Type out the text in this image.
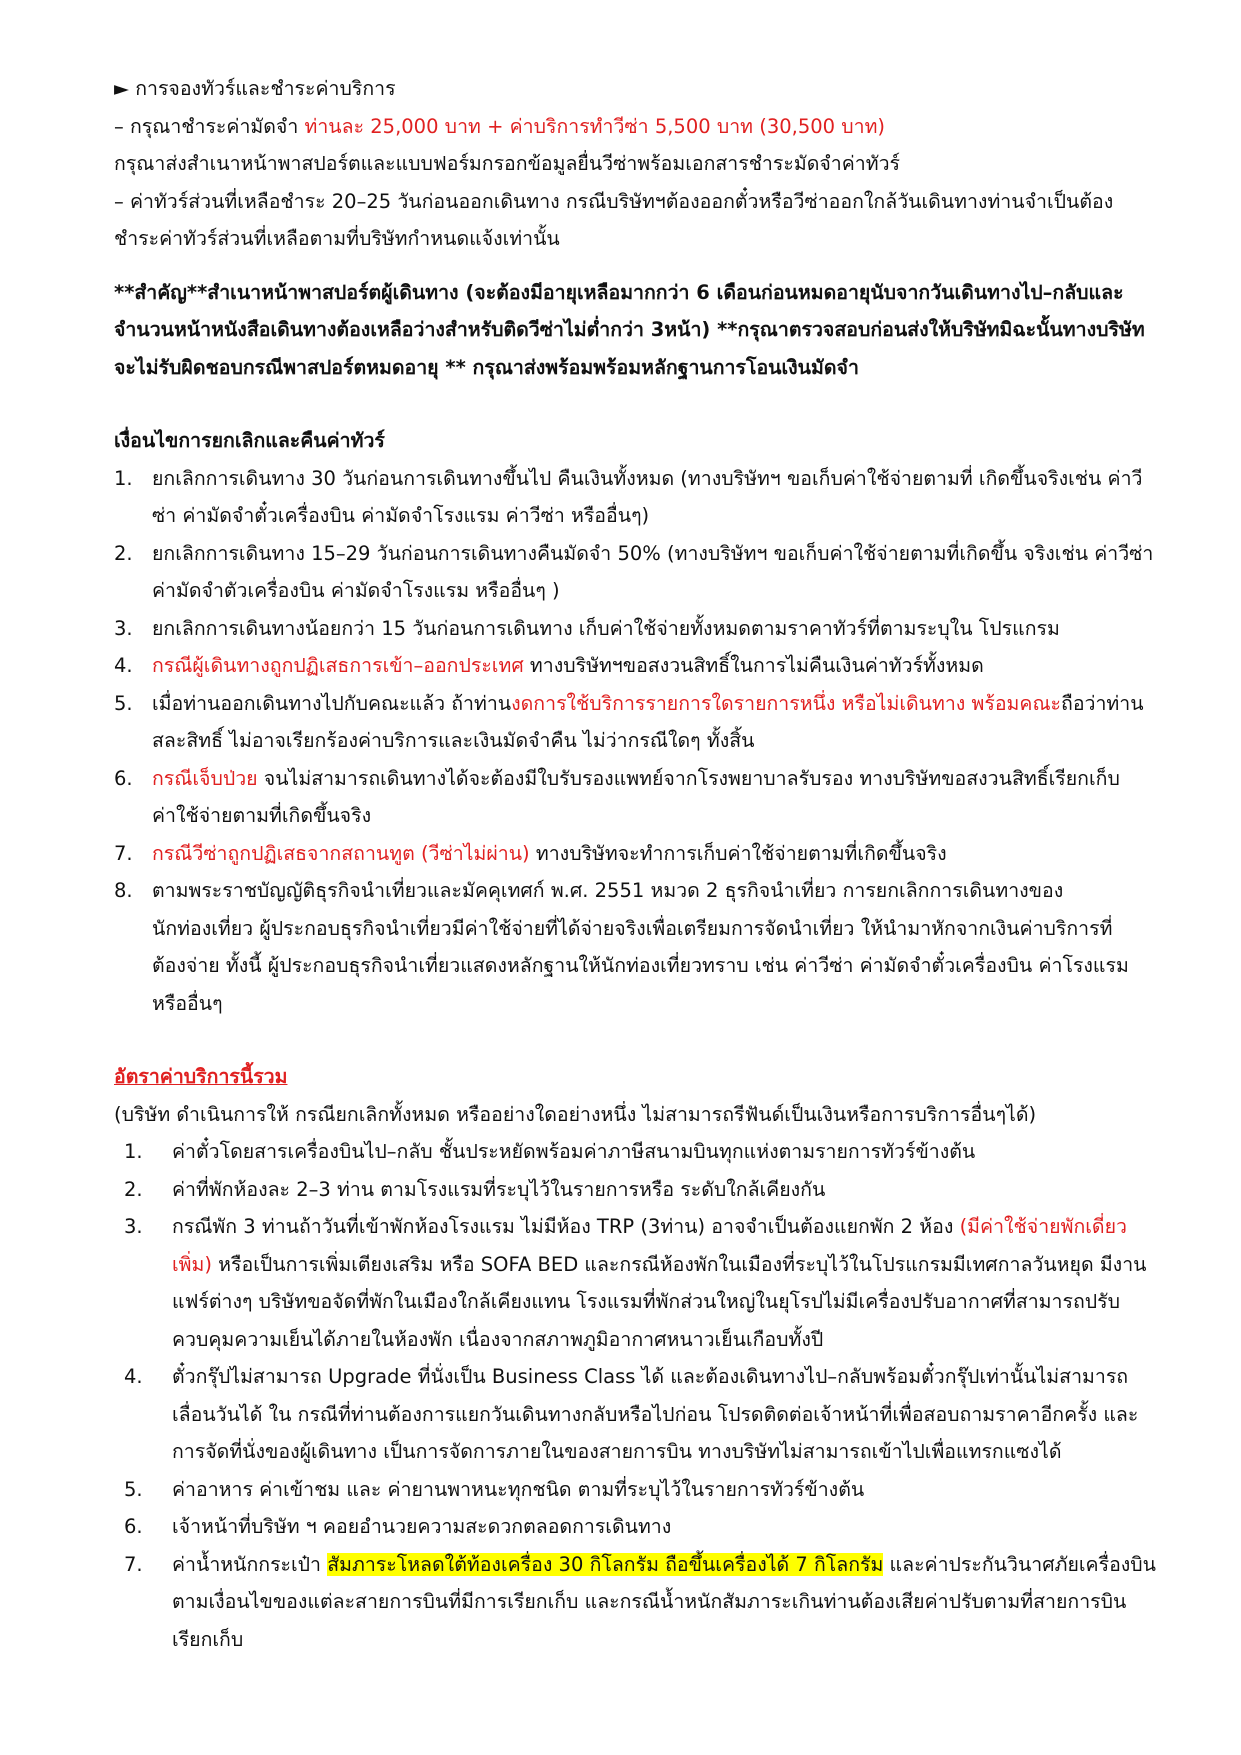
► การจองทัวร์และชำระค่าบริการ
– กรุณาชำระค่ามัดจำ ท่านละ 25,000 บาท + ค่าบริการทำวีซ่า 5,500 บาท (30,500 บาท)
กรุณาส่งสำเนาหน้าพาสปอร์ตและแบบฟอร์มกรอกข้อมูลยื่นวีซ่าพร้อมเอกสารชำระมัดจำค่าทัวร์
– ค่าทัวร์ส่วนที่เหลือชำระ 20–25 วันก่อนออกเดินทาง กรณีบริษัทฯต้องออกตั๋วหรือวีซ่าออกใกล้วันเดินทางท่านจำเป็นต้อง
ชำระค่าทัวร์ส่วนที่เหลือตามที่บริษัทกำหนดแจ้งเท่านั้น
**สำคัญ**สำเนาหน้าพาสปอร์ตผู้เดินทาง (จะต้องมีอายุเหลือมากกว่า 6 เดือนก่อนหมดอายุนับจากวันเดินทางไป–กลับและ
จำนวนหน้าหนังสือเดินทางต้องเหลือว่างสำหรับติดวีซ่าไม่ต่ำกว่า 3หน้า) **กรุณาตรวจสอบก่อนส่งให้บริษัทมิฉะนั้นทางบริษัท
จะไม่รับผิดชอบกรณีพาสปอร์ตหมดอายุ ** กรุณาส่งพร้อมพร้อมหลักฐานการโอนเงินมัดจำ
เงื่อนไขการยกเลิกและคืนค่าทัวร์
1. ยกเลิกการเดินทาง 30 วันก่อนการเดินทางขึ้นไป คืนเงินทั้งหมด (ทางบริษัทฯ ขอเก็บค่าใช้จ่ายตามที่ เกิดขึ้นจริงเช่น ค่าวี
ซ่า ค่ามัดจำตั๋วเครื่องบิน ค่ามัดจำโรงแรม ค่าวีซ่า หรืออื่นๆ)
2. ยกเลิกการเดินทาง 15–29 วันก่อนการเดินทางคืนมัดจำ 50% (ทางบริษัทฯ ขอเก็บค่าใช้จ่ายตามที่เกิดขึ้น จริงเช่น ค่าวีซ่า
ค่ามัดจำตัวเครื่องบิน ค่ามัดจำโรงแรม หรืออื่นๆ )
3. ยกเลิกการเดินทางน้อยกว่า 15 วันก่อนการเดินทาง เก็บค่าใช้จ่ายทั้งหมดตามราคาทัวร์ที่ตามระบุใน โปรแกรม
4. กรณีผู้เดินทางถูกปฏิเสธการเข้า–ออกประเทศ ทางบริษัทฯขอสงวนสิทธิ์ในการไม่คืนเงินค่าทัวร์ทั้งหมด
5. เมื่อท่านออกเดินทางไปกับคณะแล้ว ถ้าท่านงดการใช้บริการรายการใดรายการหนึ่ง หรือไม่เดินทาง พร้อมคณะถือว่าท่าน
สละสิทธิ์ ไม่อาจเรียกร้องค่าบริการและเงินมัดจำคืน ไม่ว่ากรณีใดๆ ทั้งสิ้น
6. กรณีเจ็บป่วย จนไม่สามารถเดินทางได้จะต้องมีใบรับรองแพทย์จากโรงพยาบาลรับรอง ทางบริษัทขอสงวนสิทธิ์เรียกเก็บ
ค่าใช้จ่ายตามที่เกิดขึ้นจริง
7. กรณีวีซ่าถูกปฏิเสธจากสถานทูต (วีซ่าไม่ผ่าน) ทางบริษัทจะทำการเก็บค่าใช้จ่ายตามที่เกิดขึ้นจริง
8. ตามพระราชบัญญัติธุรกิจนำเที่ยวและมัคคุเทศก์ พ.ศ. 2551 หมวด 2 ธุรกิจนำเที่ยว การยกเลิกการเดินทางของ
นักท่องเที่ยว ผู้ประกอบธุรกิจนำเที่ยวมีค่าใช้จ่ายที่ได้จ่ายจริงเพื่อเตรียมการจัดนำเที่ยว ให้นำมาหักจากเงินค่าบริการที่
ต้องจ่าย ทั้งนี้ ผู้ประกอบธุรกิจนำเที่ยวแสดงหลักฐานให้นักท่องเที่ยวทราบ เช่น ค่าวีซ่า ค่ามัดจำตั๋วเครื่องบิน ค่าโรงแรม
หรืออื่นๆ
อัตราค่าบริการนี้รวม
(บริษัท ดำเนินการให้ กรณียกเลิกทั้งหมด หรืออย่างใดอย่างหนึ่ง ไม่สามารถรีฟันด์เป็นเงินหรือการบริการอื่นๆได้)
1.	ค่าตั๋วโดยสารเครื่องบินไป–กลับ ชั้นประหยัดพร้อมค่าภาษีสนามบินทุกแห่งตามรายการทัวร์ข้างต้น
2.	ค่าที่พักห้องละ 2–3 ท่าน ตามโรงแรมที่ระบุไว้ในรายการหรือ ระดับใกล้เคียงกัน
3.	กรณีพัก 3 ท่านถ้าวันที่เข้าพักห้องโรงแรม ไม่มีห้อง TRP (3ท่าน) อาจจำเป็นต้องแยกพัก 2 ห้อง (มีค่าใช้จ่ายพักเดี่ยว
เพิ่ม) หรือเป็นการเพิ่มเตียงเสริม หรือ SOFA BED และกรณีห้องพักในเมืองที่ระบุไว้ในโปรแกรมมีเทศกาลวันหยุด มีงาน
แฟร์ต่างๆ บริษัทขอจัดที่พักในเมืองใกล้เคียงแทน โรงแรมที่พักส่วนใหญ่ในยุโรปไม่มีเครื่องปรับอากาศที่สามารถปรับ
ควบคุมความเย็นได้ภายในห้องพัก เนื่องจากสภาพภูมิอากาศหนาวเย็นเกือบทั้งปี
4.	ตั๋วกรุ๊ปไม่สามารถ Upgrade ที่นั่งเป็น Business Class ได้ และต้องเดินทางไป–กลับพร้อมตั๋วกรุ๊ปเท่านั้นไม่สามารถ
เลื่อนวันได้ ใน กรณีที่ท่านต้องการแยกวันเดินทางกลับหรือไปก่อน โปรดติดต่อเจ้าหน้าที่เพื่อสอบถามราคาอีกครั้ง และ
การจัดที่นั่งของผู้เดินทาง เป็นการจัดการภายในของสายการบิน ทางบริษัทไม่สามารถเข้าไปเพื่อแทรกแซงได้
5.	ค่าอาหาร ค่าเข้าชม และ ค่ายานพาหนะทุกชนิด ตามที่ระบุไว้ในรายการทัวร์ข้างต้น
6.	เจ้าหน้าที่บริษัท ฯ คอยอำนวยความสะดวกตลอดการเดินทาง
7.	ค่าน้ำหนักกระเป๋า สัมภาระโหลดใต้ท้องเครื่อง 30 กิโลกรัม ถือขึ้นเครื่องได้ 7 กิโลกรัม และค่าประกันวินาศภัยเครื่องบิน
ตามเงื่อนไขของแต่ละสายการบินที่มีการเรียกเก็บ และกรณีน้ำหนักสัมภาระเกินท่านต้องเสียค่าปรับตามที่สายการบิน
เรียกเก็บ
